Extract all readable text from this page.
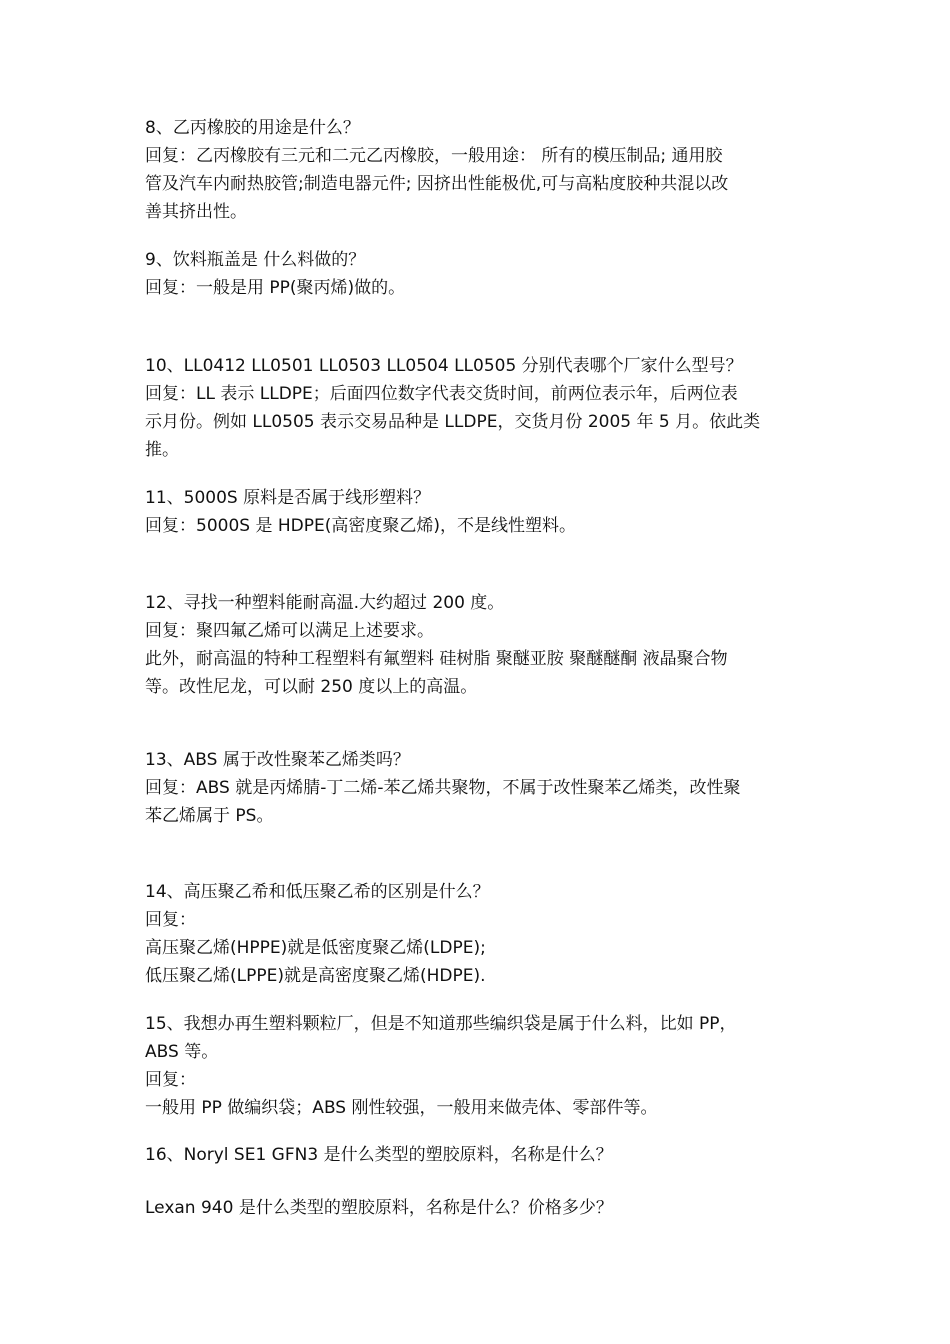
8、乙丙橡胶的用途是什么？
回复：乙丙橡胶有三元和二元乙丙橡胶，一般用途： 所有的模压制品; 通用胶
管及汽车内耐热胶管;制造电器元件; 因挤出性能极优,可与高粘度胶种共混以改
善其挤出性。
9、饮料瓶盖是 什么料做的？
回复：一般是用 PP(聚丙烯)做的。
10、LL0412 LL0501 LL0503 LL0504 LL0505 分别代表哪个厂家什么型号？
回复：LL 表示 LLDPE；后面四位数字代表交货时间，前两位表示年，后两位表
示月份。例如 LL0505 表示交易品种是 LLDPE，交货月份 2005 年 5 月。依此类
推。
11、5000S 原料是否属于线形塑料？
回复：5000S 是 HDPE(高密度聚乙烯)，不是线性塑料。
12、寻找一种塑料能耐高温.大约超过 200 度。
回复：聚四氟乙烯可以满足上述要求。
此外，耐高温的特种工程塑料有氟塑料 硅树脂 聚醚亚胺 聚醚醚酮 液晶聚合物
等。改性尼龙，可以耐 250 度以上的高温。
13、ABS 属于改性聚苯乙烯类吗？
回复：ABS 就是丙烯腈-丁二烯-苯乙烯共聚物，不属于改性聚苯乙烯类，改性聚
苯乙烯属于 PS。
14、高压聚乙希和低压聚乙希的区别是什么？
回复：
高压聚乙烯(HPPE)就是低密度聚乙烯(LDPE);
低压聚乙烯(LPPE)就是高密度聚乙烯(HDPE).
15、我想办再生塑料颗粒厂，但是不知道那些编织袋是属于什么料，比如 PP，
ABS 等。
回复：
一般用 PP 做编织袋；ABS 刚性较强，一般用来做壳体、零部件等。
16、Noryl SE1 GFN3 是什么类型的塑胶原料，名称是什么？
Lexan 940 是什么类型的塑胶原料，名称是什么？价格多少？
